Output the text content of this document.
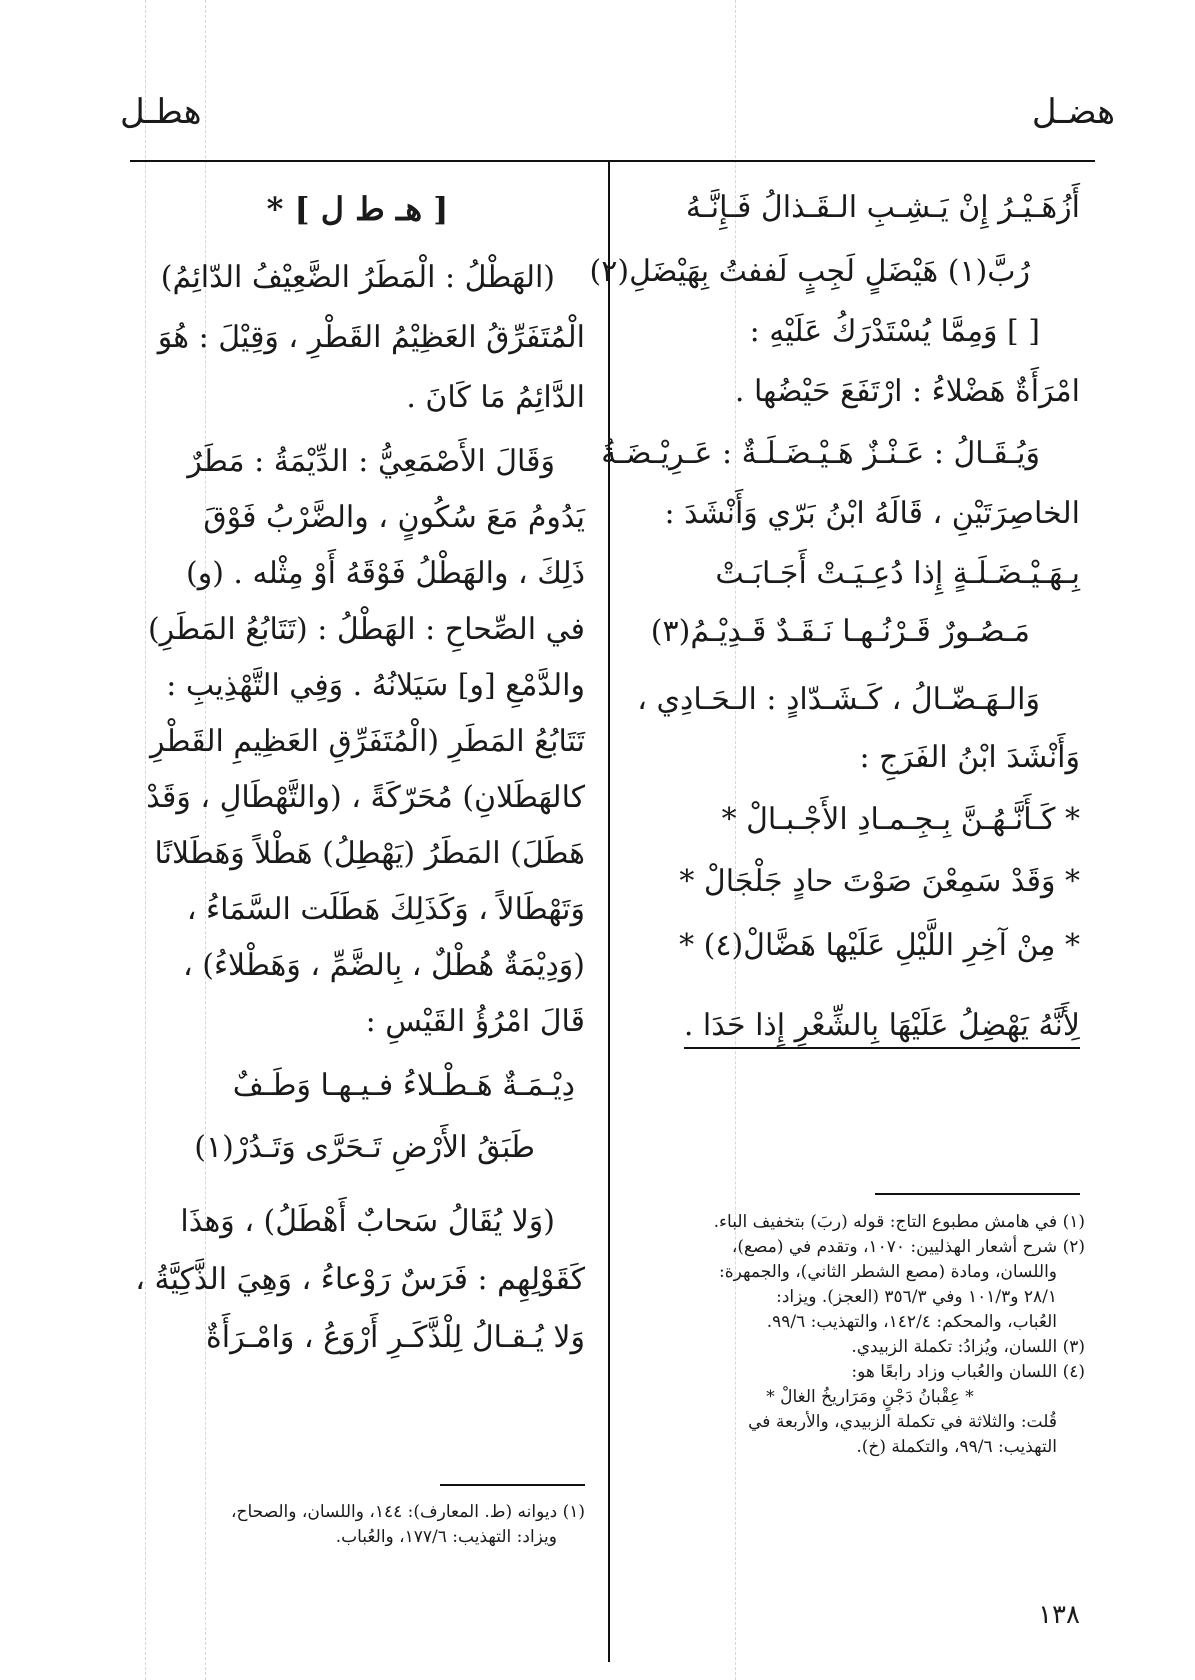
هضـل
هطـل
أَزُهَـيْـرُ إِنْ يَـشِـبِ الـقَـذالُ فَـإِنَّـهُ
رُبَّ(١) هَيْضَلٍ لَجِبٍ لَففتُ بِهَيْضَلِ(٢)
[ ] وَمِمَّا يُسْتَدْرَكُ عَلَيْهِ :
امْرَأَةٌ هَضْلاءُ : ارْتَفَعَ حَيْضُها .
وَيُـقَـالُ : عَـنْـزٌ هَـيْـضَـلَـةٌ : عَـرِيْـضَـةُ
الخاصِرَتَيْنِ ، قَالَهُ ابْنُ بَرّي وَأَنْشَدَ :
بِـهَـيْـضَـلَـةٍ إِذا دُعِـيَـتْ أَجَـابَـتْ
مَـصُـورٌ قَـرْنُـهـا نَـقَـدٌ قَـدِيْـمُ(٣)
وَالـهَـضّـالُ ، كَـشَـدّادٍ : الـحَـادِي ،
وَأَنْشَدَ ابْنُ الفَرَجِ :
* كَـأَنَّـهُـنَّ بِـجِـمـادِ الأَجْـبـالْ *
* وَقَدْ سَمِعْنَ صَوْتَ حادٍ جَلْجَالْ *
* مِنْ آخِرِ اللَّيْلِ عَلَيْها هَضَّالْ(٤) *
لِأَنَّهُ يَهْضِلُ عَلَيْهَا بِالشِّعْرِ إِذا حَدَا .
(١) في هامش مطبوع التاج: قوله (ربَ) بتخفيف الباء.
(٢) شرح أشعار الهذليين: ١٠٧٠، وتقدم في (مصع)،
واللسان، ومادة (مصع الشطر الثاني)، والجمهرة:
٢٨/١ و١٠١/٣ وفي ٣٥٦/٣ (العجز). ويزاد:
العُباب، والمحكم: ١٤٢/٤، والتهذيب: ٩٩/٦.
(٣) اللسان، ويُزادُ: تكملة الزبيدي.
(٤) اللسان والعُباب وزاد رابعًا هو:
* عِقْبانُ دَجْنٍ ومَرَاريخُ الغالْ *
قُلت: والثلاثة في تكملة الزبيدي، والأربعة في
التهذيب: ٩٩/٦، والتكملة (خ).
[ هـ ط ل ] *
(الهَطْلُ : الْمَطَرُ الضَّعِيْفُ الدّائِمُ)
الْمُتَفَرِّقُ العَظِيْمُ القَطْرِ ، وَقِيْلَ : هُوَ
الدَّائِمُ مَا كَانَ .
وَقَالَ الأَصْمَعِيُّ : الدِّيْمَةُ : مَطَرٌ
يَدُومُ مَعَ سُكُونٍ ، والضَّرْبُ فَوْقَ
ذَلِكَ ، والهَطْلُ فَوْقَهُ أَوْ مِثْله . (و)
في الصِّحاحِ : الهَطْلُ : (تَتَابُعُ المَطَرِ)
والدَّمْعِ [و] سَيَلانُهُ . وَفِي التَّهْذِيبِ :
تَتَابُعُ المَطَرِ (الْمُتَفَرِّقِ العَظِيمِ القَطْرِ
كالهَطَلانِ) مُحَرّكَةً ، (والتَّهْطَالِ ، وَقَدْ
هَطَلَ) المَطَرُ (يَهْطِلُ) هَطْلاً وَهَطَلانًا
وَتَهْطَالاً ، وَكَذَلِكَ هَطَلَت السَّمَاءُ ،
(وَدِيْمَةٌ هُطْلٌ ، بِالضَّمِّ ، وَهَطْلاءُ) ،
قَالَ امْرُؤُ القَيْسِ :
دِيْـمَـةٌ هَـطْـلاءُ فـيـهـا وَطَـفٌ
طَبَقُ الأَرْضِ تَـحَرَّى وَتَـدُرْ(١)
(وَلا يُقَالُ سَحابٌ أَهْطَلُ) ، وَهذَا
كَقَوْلِهِم : فَرَسٌ رَوْعاءُ ، وَهِيَ الذَّكِيَّةُ ،
وَلا يُـقـالُ لِلْذَّكَـرِ أَرْوَعُ ، وَامْـرَأَةٌ
(١) ديوانه (ط. المعارف): ١٤٤، واللسان، والصحاح،
ويزاد: التهذيب: ١٧٧/٦، والعُباب.
١٣٨
